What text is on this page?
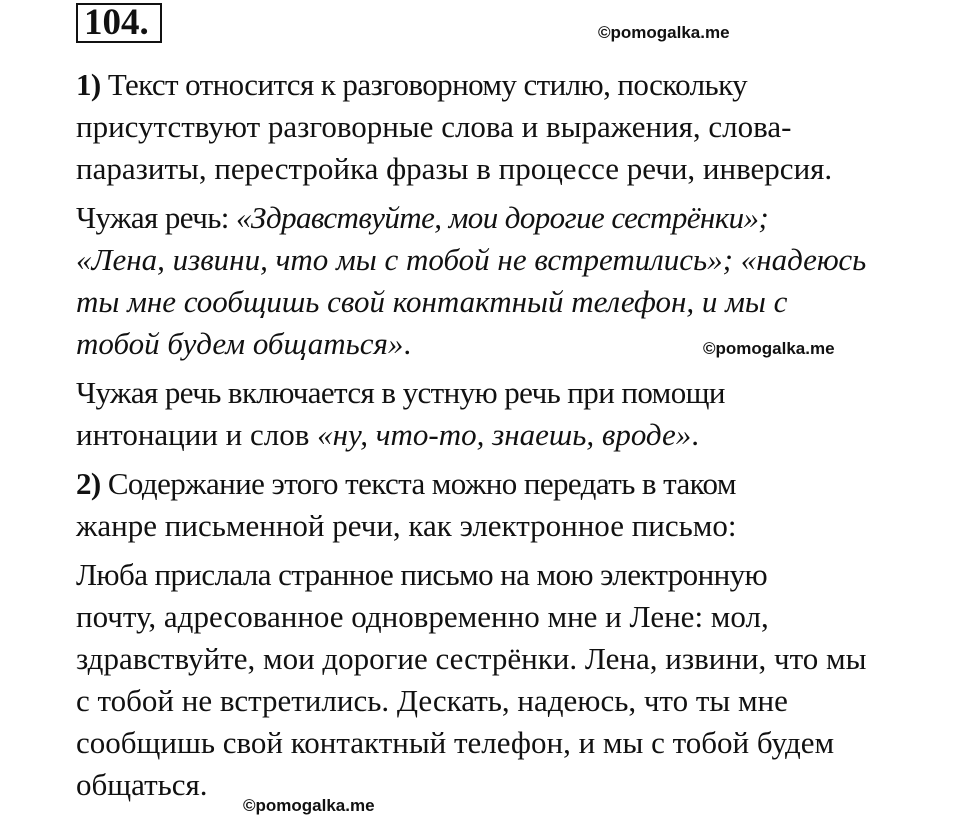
104.	©pomogalka.me
©pomogalka.me
©pomogalka.me

1) Текст относится к разговорному стилю, поскольку
присутствуют разговорные слова и выражения, слова-
паразиты, перестройка фразы в процессе речи, инверсия.

Чужая речь: «Здравствуйте, мои дорогие сестрёнки»;
«Лена, извини, что мы с тобой не встретились»; «надеюсь
ты мне сообщишь свой контактный телефон, и мы с
тобой будем общаться».

Чужая речь включается в устную речь при помощи
интонации и слов «ну, что-то, знаешь, вроде».

2) Содержание этого текста можно передать в таком
жанре письменной речи, как электронное письмо:

Люба прислала странное письмо на мою электронную
почту, адресованное одновременно мне и Лене: мол,
здравствуйте, мои дорогие сестрёнки. Лена, извини, что мы
с тобой не встретились. Дескать, надеюсь, что ты мне
сообщишь свой контактный телефон, и мы с тобой будем
общаться.
